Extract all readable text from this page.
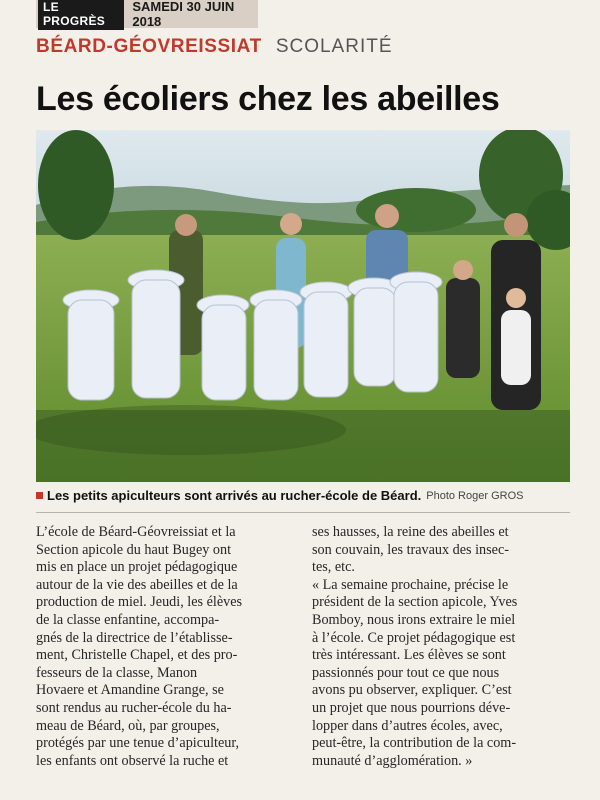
LE PROGRÈS
SAMEDI 30 JUIN 2018
BÉARD-GÉOVREISSIAT SCOLARITÉ
Les écoliers chez les abeilles
Les petits apiculteurs sont arrivés au rucher-école de Béard. Photo Roger GROS
L’école de Béard-Géovreissiat et la
Section apicole du haut Bugey ont
mis en place un projet pédagogique
autour de la vie des abeilles et de la
production de miel. Jeudi, les élèves
de la classe enfantine, accompa-
gnés de la directrice de l’établisse-
ment, Christelle Chapel, et des pro-
fesseurs de la classe, Manon
Hovaere et Amandine Grange, se
sont rendus au rucher-école du ha-
meau de Béard, où, par groupes,
protégés par une tenue d’apiculteur,
les enfants ont observé la ruche et
ses hausses, la reine des abeilles et
son couvain, les travaux des insec-
tes, etc.
« La semaine prochaine, précise le
président de la section apicole, Yves
Bomboy, nous irons extraire le miel
à l’école. Ce projet pédagogique est
très intéressant. Les élèves se sont
passionnés pour tout ce que nous
avons pu observer, expliquer. C’est
un projet que nous pourrions déve-
lopper dans d’autres écoles, avec,
peut-être, la contribution de la com-
munauté d’agglomération. »
